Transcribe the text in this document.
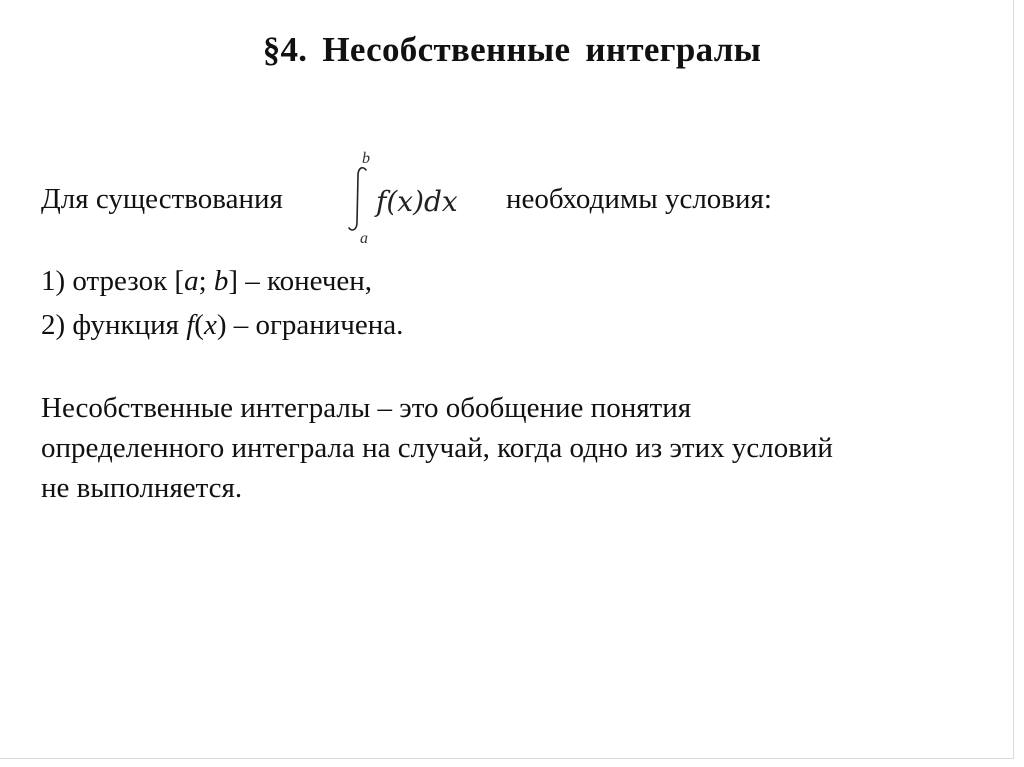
§4. Несобственные интегралы
Для существования
b
f(x)dx
a
необходимы условия:
1) отрезок [a; b] – конечен,
2) функция f(x) – ограничена.
Несобственные интегралы – это обобщение понятия
определенного интеграла на случай, когда одно из этих условий
не выполняется.
